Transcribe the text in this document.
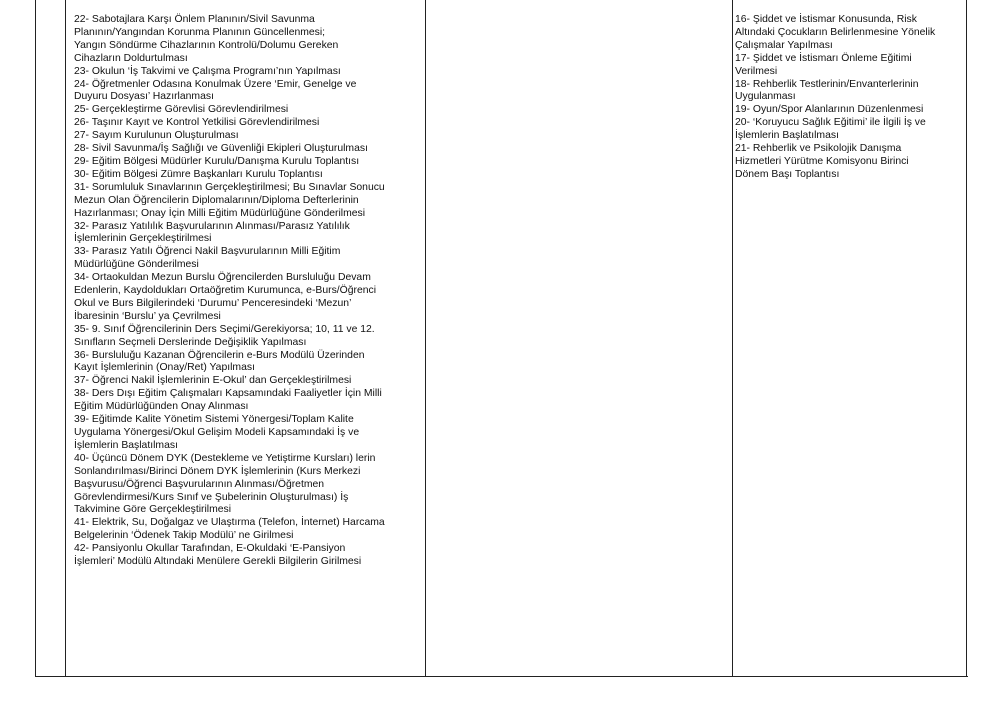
22- Sabotajlara Karşı Önlem Planının/Sivil Savunma
Planının/Yangından Korunma Planının Güncellenmesi;
Yangın Söndürme Cihazlarının Kontrolü/Dolumu Gereken
Cihazların Doldurtulması
23- Okulun ‘İş Takvimi ve Çalışma Programı’nın Yapılması
24- Öğretmenler Odasına Konulmak Üzere ‘Emir, Genelge ve
Duyuru Dosyası’ Hazırlanması
25- Gerçekleştirme Görevlisi Görevlendirilmesi
26- Taşınır Kayıt ve Kontrol Yetkilisi Görevlendirilmesi
27- Sayım Kurulunun Oluşturulması
28- Sivil Savunma/İş Sağlığı ve Güvenliği Ekipleri Oluşturulması
29- Eğitim Bölgesi Müdürler Kurulu/Danışma Kurulu Toplantısı
30- Eğitim Bölgesi Zümre Başkanları Kurulu Toplantısı
31- Sorumluluk Sınavlarının Gerçekleştirilmesi; Bu Sınavlar Sonucu
Mezun Olan Öğrencilerin Diplomalarının/Diploma Defterlerinin
Hazırlanması; Onay İçin Milli Eğitim Müdürlüğüne Gönderilmesi
32- Parasız Yatılılık Başvurularının Alınması/Parasız Yatılılık
İşlemlerinin Gerçekleştirilmesi
33- Parasız Yatılı Öğrenci Nakil Başvurularının Milli Eğitim
Müdürlüğüne Gönderilmesi
34- Ortaokuldan Mezun Burslu Öğrencilerden Bursluluğu Devam
Edenlerin, Kaydoldukları Ortaöğretim Kurumunca, e-Burs/Öğrenci
Okul ve Burs Bilgilerindeki ‘Durumu’ Penceresindeki ‘Mezun’
İbaresinin ‘Burslu’ ya Çevrilmesi
35- 9. Sınıf Öğrencilerinin Ders Seçimi/Gerekiyorsa; 10, 11 ve 12.
Sınıfların Seçmeli Derslerinde Değişiklik Yapılması
36- Bursluluğu Kazanan Öğrencilerin e-Burs Modülü Üzerinden
Kayıt İşlemlerinin (Onay/Ret) Yapılması
37- Öğrenci Nakil İşlemlerinin E-Okul’ dan Gerçekleştirilmesi
38- Ders Dışı Eğitim Çalışmaları Kapsamındaki Faaliyetler İçin Milli
Eğitim Müdürlüğünden Onay Alınması
39- Eğitimde Kalite Yönetim Sistemi Yönergesi/Toplam Kalite
Uygulama Yönergesi/Okul Gelişim Modeli Kapsamındaki İş ve
İşlemlerin Başlatılması
40- Üçüncü Dönem DYK (Destekleme ve Yetiştirme Kursları) lerin
Sonlandırılması/Birinci Dönem DYK İşlemlerinin (Kurs Merkezi
Başvurusu/Öğrenci Başvurularının Alınması/Öğretmen
Görevlendirmesi/Kurs Sınıf ve Şubelerinin Oluşturulması) İş
Takvimine Göre Gerçekleştirilmesi
41- Elektrik, Su, Doğalgaz ve Ulaştırma (Telefon, İnternet) Harcama
Belgelerinin ‘Ödenek Takip Modülü’ ne Girilmesi
42- Pansiyonlu Okullar Tarafından, E-Okuldaki ‘E-Pansiyon
İşlemleri’ Modülü Altındaki Menülere Gerekli Bilgilerin Girilmesi
16- Şiddet ve İstismar Konusunda, Risk
Altındaki Çocukların Belirlenmesine Yönelik
Çalışmalar Yapılması
17- Şiddet ve İstismarı Önleme Eğitimi
Verilmesi
18- Rehberlik Testlerinin/Envanterlerinin
Uygulanması
19- Oyun/Spor Alanlarının Düzenlenmesi
20- ‘Koruyucu Sağlık Eğitimi’ ile İlgili İş ve
İşlemlerin Başlatılması
21- Rehberlik ve Psikolojik Danışma
Hizmetleri Yürütme Komisyonu Birinci
Dönem Başı Toplantısı
